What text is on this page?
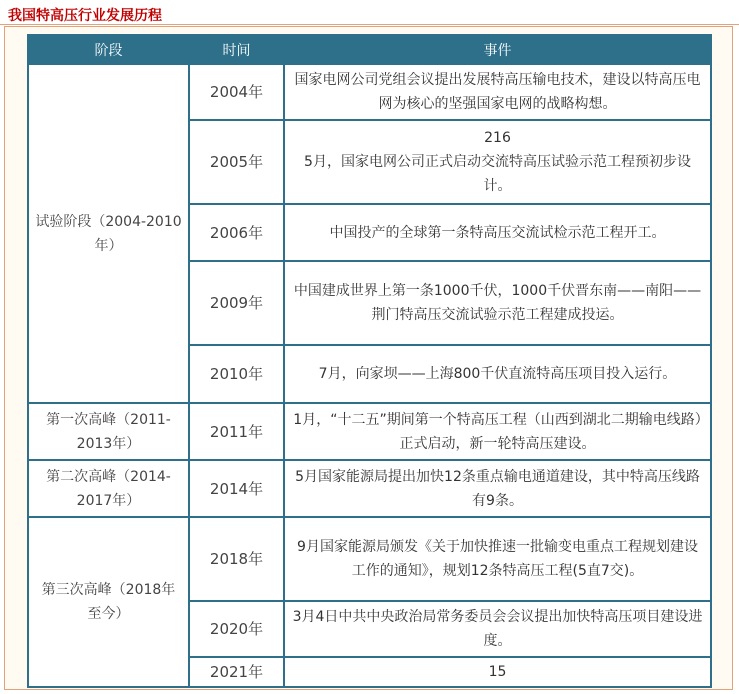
我国特高压行业发展历程
阶段	时间	事件
试验阶段（2004-2010年）	2004年	国家电网公司党组会议提出发展特高压输电技术，建设以特高压电网为核心的坚强国家电网的战略构想。
	2005年	216
5月，国家电网公司正式启动交流特高压试验示范工程预初步设计。
	2006年	中国投产的全球第一条特高压交流试检示范工程开工。
	2009年	中国建成世界上第一条1000千伏，1000千伏晋东南——南阳——荆门特高压交流试验示范工程建成投运。
	2010年	7月，向家坝——上海800千伏直流特高压项目投入运行。
第一次高峰（2011-2013年）	2011年	1月，“十二五”期间第一个特高压工程（山西到湖北二期输电线路）正式启动，新一轮特高压建设。
第二次高峰（2014-2017年）	2014年	5月国家能源局提出加快12条重点输电通道建设，其中特高压线路有9条。
第三次高峰（2018年至今）	2018年	9月国家能源局颁发《关于加快推速一批输变电重点工程规划建设工作的通知》，规划12条特高压工程(5直7交)。
	2020年	3月4日中共中央政治局常务委员会会议提出加快特高压项目建设进度。
	2021年	15
